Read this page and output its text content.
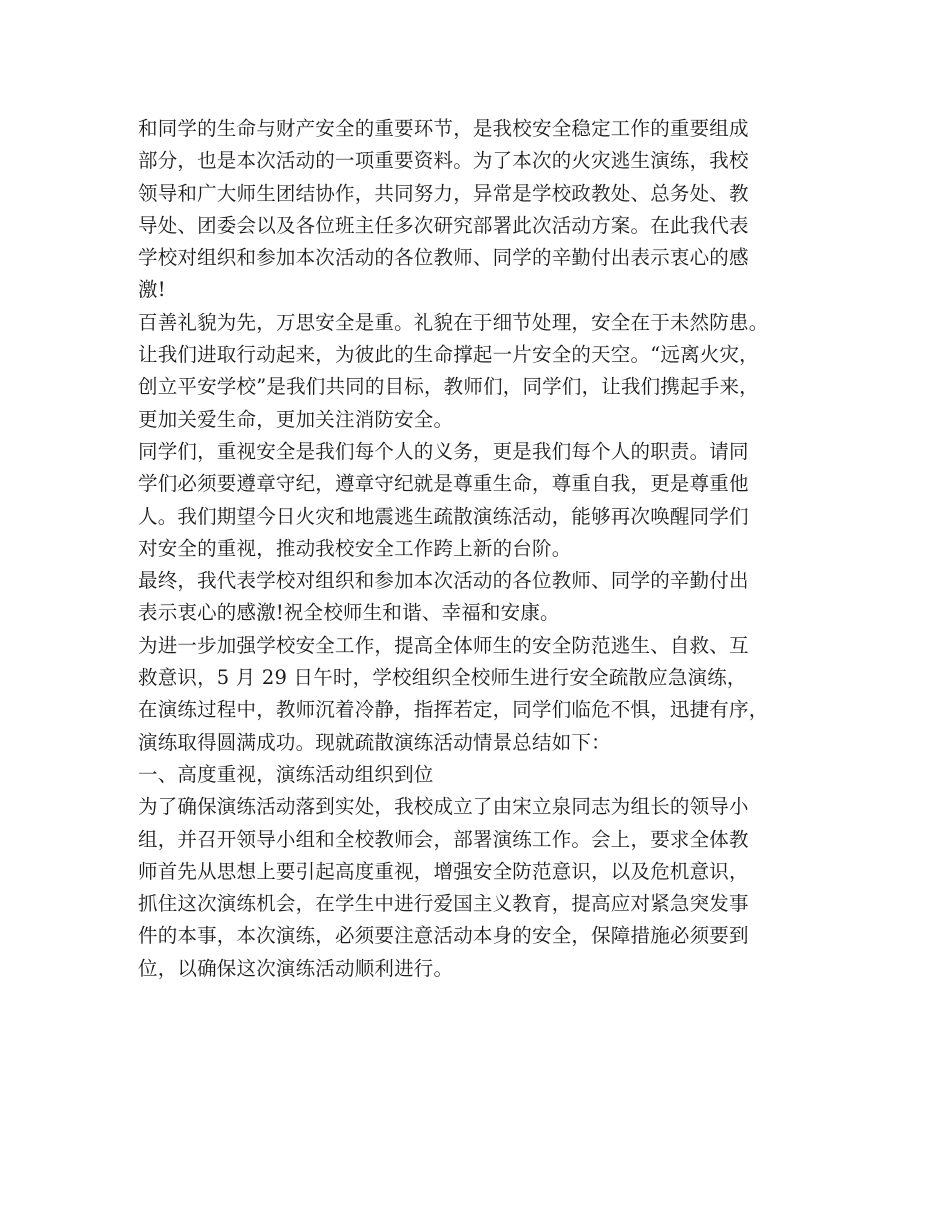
和同学的生命与财产安全的重要环节，是我校安全稳定工作的重要组成
部分，也是本次活动的一项重要资料。为了本次的火灾逃生演练，我校
领导和广大师生团结协作，共同努力，异常是学校政教处、总务处、教
导处、团委会以及各位班主任多次研究部署此次活动方案。在此我代表
学校对组织和参加本次活动的各位教师、同学的辛勤付出表示衷心的感
激!
百善礼貌为先，万思安全是重。礼貌在于细节处理，安全在于未然防患。
让我们进取行动起来，为彼此的生命撑起一片安全的天空。“远离火灾，
创立平安学校”是我们共同的目标，教师们，同学们，让我们携起手来，
更加关爱生命，更加关注消防安全。
同学们，重视安全是我们每个人的义务，更是我们每个人的职责。请同
学们必须要遵章守纪，遵章守纪就是尊重生命，尊重自我，更是尊重他
人。我们期望今日火灾和地震逃生疏散演练活动，能够再次唤醒同学们
对安全的重视，推动我校安全工作跨上新的台阶。
最终，我代表学校对组织和参加本次活动的各位教师、同学的辛勤付出
表示衷心的感激!祝全校师生和谐、幸福和安康。
为进一步加强学校安全工作，提高全体师生的安全防范逃生、自救、互
救意识，5 月 29 日午时，学校组织全校师生进行安全疏散应急演练，
在演练过程中，教师沉着冷静，指挥若定，同学们临危不惧，迅捷有序，
演练取得圆满成功。现就疏散演练活动情景总结如下：
一、高度重视，演练活动组织到位
为了确保演练活动落到实处，我校成立了由宋立泉同志为组长的领导小
组，并召开领导小组和全校教师会，部署演练工作。会上，要求全体教
师首先从思想上要引起高度重视，增强安全防范意识，以及危机意识，
抓住这次演练机会，在学生中进行爱国主义教育，提高应对紧急突发事
件的本事，本次演练，必须要注意活动本身的安全，保障措施必须要到
位，以确保这次演练活动顺利进行。
